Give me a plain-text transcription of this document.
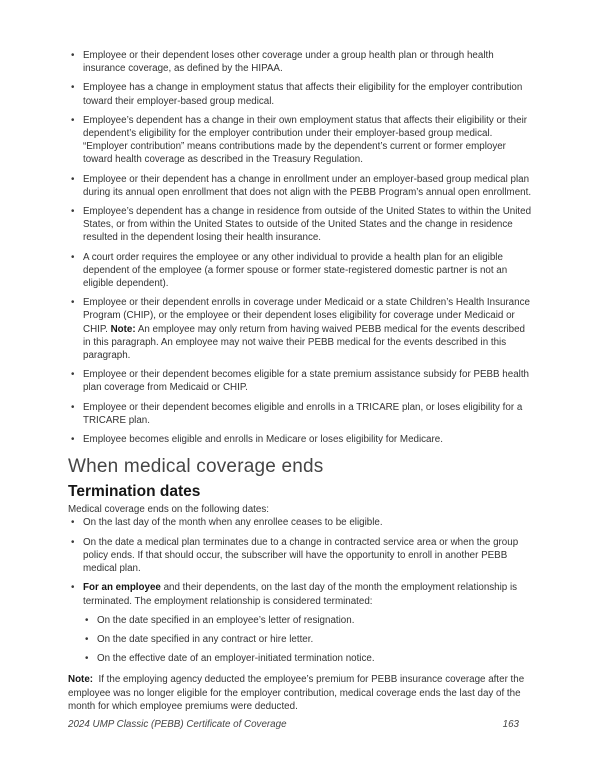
• Employee or their dependent loses other coverage under a group health plan or through health insurance coverage, as defined by the HIPAA.
• Employee has a change in employment status that affects their eligibility for the employer contribution toward their employer-based group medical.
• Employee’s dependent has a change in their own employment status that affects their eligibility or their dependent’s eligibility for the employer contribution under their employer-based group medical. “Employer contribution” means contributions made by the dependent’s current or former employer toward health coverage as described in the Treasury Regulation.
• Employee or their dependent has a change in enrollment under an employer-based group medical plan during its annual open enrollment that does not align with the PEBB Program’s annual open enrollment.
• Employee’s dependent has a change in residence from outside of the United States to within the United States, or from within the United States to outside of the United States and the change in residence resulted in the dependent losing their health insurance.
• A court order requires the employee or any other individual to provide a health plan for an eligible dependent of the employee (a former spouse or former state-registered domestic partner is not an eligible dependent).
• Employee or their dependent enrolls in coverage under Medicaid or a state Children’s Health Insurance Program (CHIP), or the employee or their dependent loses eligibility for coverage under Medicaid or CHIP. Note: An employee may only return from having waived PEBB medical for the events described in this paragraph. An employee may not waive their PEBB medical for the events described in this paragraph.
• Employee or their dependent becomes eligible for a state premium assistance subsidy for PEBB health plan coverage from Medicaid or CHIP.
• Employee or their dependent becomes eligible and enrolls in a TRICARE plan, or loses eligibility for a TRICARE plan.
• Employee becomes eligible and enrolls in Medicare or loses eligibility for Medicare.
When medical coverage ends
Termination dates

Medical coverage ends on the following dates:

• On the last day of the month when any enrollee ceases to be eligible.
• On the date a medical plan terminates due to a change in contracted service area or when the group policy ends. If that should occur, the subscriber will have the opportunity to enroll in another PEBB medical plan.
• For an employee and their dependents, on the last day of the month the employment relationship is terminated. The employment relationship is considered terminated:
• On the date specified in an employee’s letter of resignation.
• On the date specified in any contract or hire letter.
• On the effective date of an employer-initiated termination notice.

Note:  If the employing agency deducted the employee’s premium for PEBB insurance coverage after the employee was no longer eligible for the employer contribution, medical coverage ends the last day of the month for which employee premiums were deducted.

2024 UMP Classic (PEBB) Certificate of Coverage	163
